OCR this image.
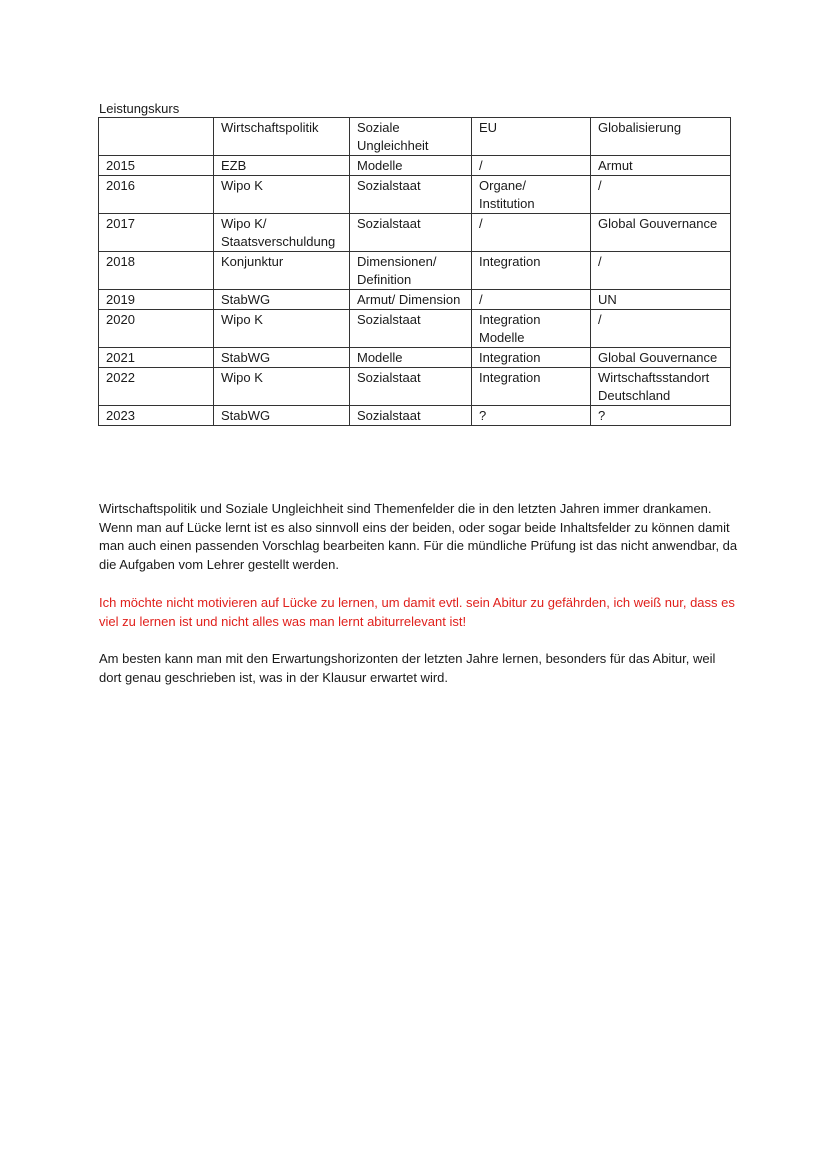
Leistungskurs
	Wirtschaftspolitik	Soziale Ungleichheit	EU	Globalisierung
2015	EZB	Modelle	/	Armut
2016	Wipo K	Sozialstaat	Organe/ Institution	/
2017	Wipo K/ Staatsverschuldung	Sozialstaat	/	Global Gouvernance
2018	Konjunktur	Dimensionen/ Definition	Integration	/
2019	StabWG	Armut/ Dimension	/	UN
2020	Wipo K	Sozialstaat	Integration Modelle	/
2021	StabWG	Modelle	Integration	Global Gouvernance
2022	Wipo K	Sozialstaat	Integration	Wirtschaftsstandort Deutschland
2023	StabWG	Sozialstaat	?	?

Wirtschaftspolitik und Soziale Ungleichheit sind Themenfelder die in den letzten Jahren immer drankamen. Wenn man auf Lücke lernt ist es also sinnvoll eins der beiden, oder sogar beide Inhaltsfelder zu können damit man auch einen passenden Vorschlag bearbeiten kann. Für die mündliche Prüfung ist das nicht anwendbar, da die Aufgaben vom Lehrer gestellt werden.

Ich möchte nicht motivieren auf Lücke zu lernen, um damit evtl. sein Abitur zu gefährden, ich weiß nur, dass es viel zu lernen ist und nicht alles was man lernt abiturrelevant ist!

Am besten kann man mit den Erwartungshorizonten der letzten Jahre lernen, besonders für das Abitur, weil dort genau geschrieben ist, was in der Klausur erwartet wird.
